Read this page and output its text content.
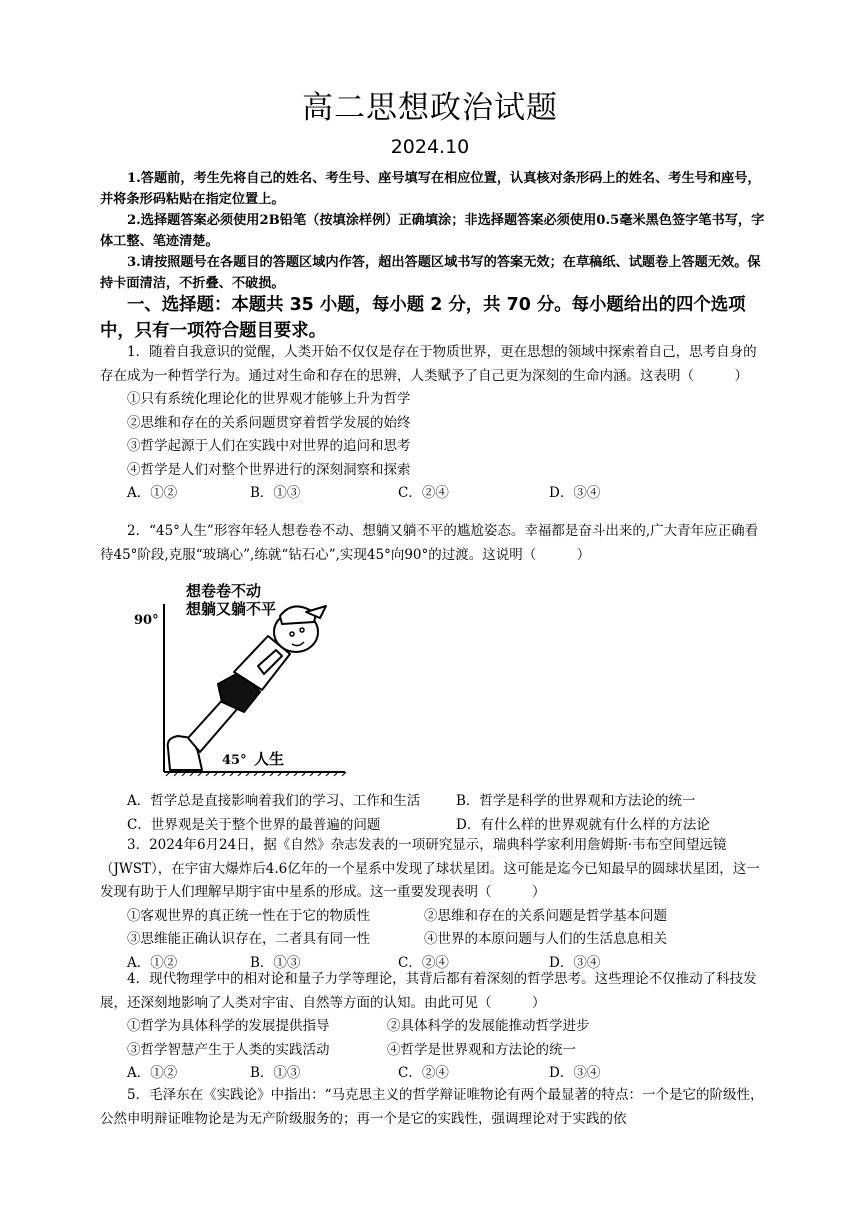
高二思想政治试题
2024.10

1.答题前，考生先将自己的姓名、考生号、座号填写在相应位置，认真核对条形码上的姓名、考生号和座号，并将条形码粘贴在指定位置上。

2.选择题答案必须使用2B铅笔（按填涂样例）正确填涂；非选择题答案必须使用0.5毫米黑色签字笔书写，字体工整、笔迹清楚。

3.请按照题号在各题目的答题区域内作答，超出答题区域书写的答案无效；在草稿纸、试题卷上答题无效。保持卡面清洁，不折叠、不破损。

一、选择题：本题共 35 小题，每小题 2 分，共 70 分。每小题给出的四个选项中，只有一项符合题目要求。

1．随着自我意识的觉醒，人类开始不仅仅是存在于物质世界，更在思想的领域中探索着自己，思考自身的存在成为一种哲学行为。通过对生命和存在的思辨，人类赋予了自己更为深刻的生命内涵。这表明（　　　）

①只有系统化理论化的世界观才能够上升为哲学

②思维和存在的关系问题贯穿着哲学发展的始终

③哲学起源于人们在实践中对世界的追问和思考

④哲学是人们对整个世界进行的深刻洞察和探索

A．①②	B．①③	C．②④	D．③④

2．“45°人生”形容年轻人想卷卷不动、想躺又躺不平的尴尬姿态。幸福都是奋斗出来的,广大青年应正确看待45°阶段,克服“玻璃心”,练就“钻石心”,实现45°向90°的过渡。这说明（　　　）

90°
想卷卷不动
想躺又躺不平
45° 人生
A．哲学总是直接影响着我们的学习、工作和生活	B．哲学是科学的世界观和方法论的统一
C．世界观是关于整个世界的最普遍的问题	D．有什么样的世界观就有什么样的方法论

3．2024年6月24日，据《自然》杂志发表的一项研究显示，瑞典科学家利用詹姆斯·韦布空间望远镜（JWST），在宇宙大爆炸后4.6亿年的一个星系中发现了球状星团。这可能是迄今已知最早的圆球状星团，这一发现有助于人们理解早期宇宙中星系的形成。这一重要发现表明（　　　）

①客观世界的真正统一性在于它的物质性	②思维和存在的关系问题是哲学基本问题
③思维能正确认识存在，二者具有同一性	④世界的本原问题与人们的生活息息相关
A．①②	B．①③	C．②④	D．③④

4．现代物理学中的相对论和量子力学等理论，其背后都有着深刻的哲学思考。这些理论不仅推动了科技发展，还深刻地影响了人类对宇宙、自然等方面的认知。由此可见（　　　）

①哲学为具体科学的发展提供指导	②具体科学的发展能推动哲学进步
③哲学智慧产生于人类的实践活动	④哲学是世界观和方法论的统一
A．①②	B．①③	C．②④	D．③④

5．毛泽东在《实践论》中指出：“马克思主义的哲学辩证唯物论有两个最显著的特点：一个是它的阶级性，公然申明辩证唯物论是为无产阶级服务的；再一个是它的实践性，强调理论对于实践的依
